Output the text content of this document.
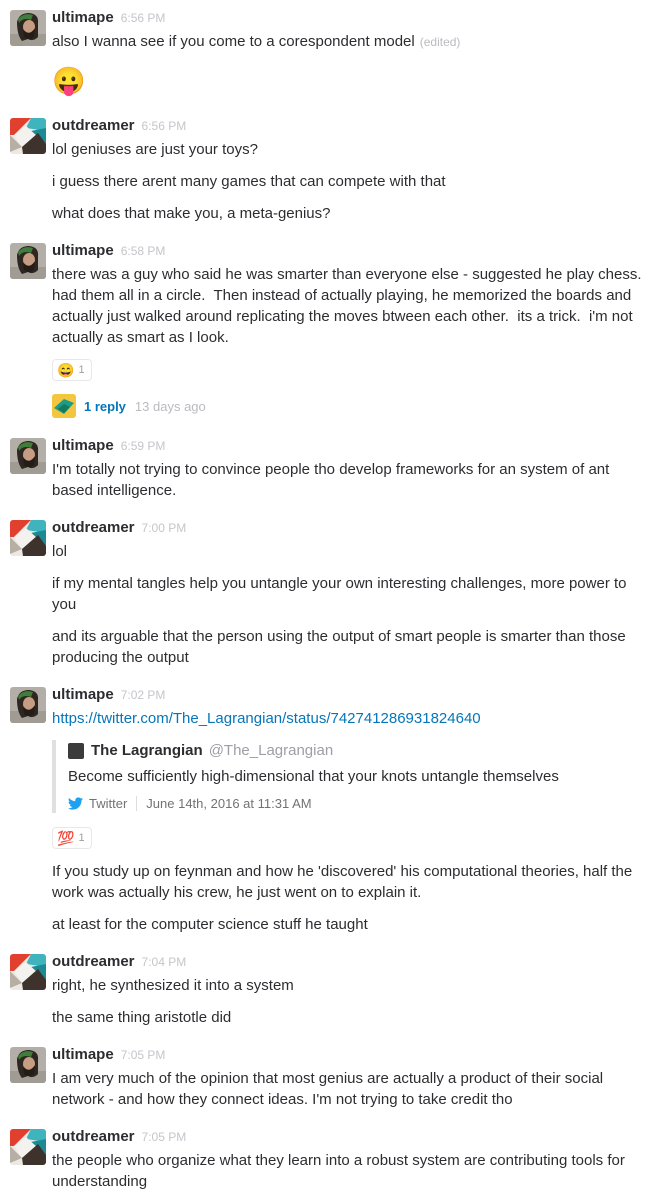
ultimape 6:56 PM
also I wanna see if you come to a corespondent model (edited)
😛
outdreamer 6:56 PM
lol geniuses are just your toys?
i guess there arent many games that can compete with that
what does that make you, a meta-genius?
ultimape 6:58 PM
there was a guy who said he was smarter than everyone else - suggested he play chess.  had them all in a circle.  Then instead of actually playing, he memorized the boards and actually just walked around replicating the moves btween each other.  its a trick.  i'm not actually as smart as I look.
😄 1
1 reply 13 days ago
ultimape 6:59 PM
I'm totally not trying to convince people tho develop frameworks for an system of ant based intelligence.
outdreamer 7:00 PM
lol
if my mental tangles help you untangle your own interesting challenges, more power to you
and its arguable that the person using the output of smart people is smarter than those producing the output
ultimape 7:02 PM
https://twitter.com/The_Lagrangian/status/742741286931824640
The Lagrangian @The_Lagrangian
Become sufficiently high-dimensional that your knots untangle themselves
Twitter June 14th, 2016 at 11:31 AM
💯 1
If you study up on feynman and how he 'discovered' his computational theories, half the work was actually his crew, he just went on to explain it.
at least for the computer science stuff he taught
outdreamer 7:04 PM
right, he synthesized it into a system
the same thing aristotle did
ultimape 7:05 PM
I am very much of the opinion that most genius are actually a product of their social network - and how they connect ideas. I'm not trying to take credit tho
outdreamer 7:05 PM
the people who organize what they learn into a robust system are contributing tools for understanding
